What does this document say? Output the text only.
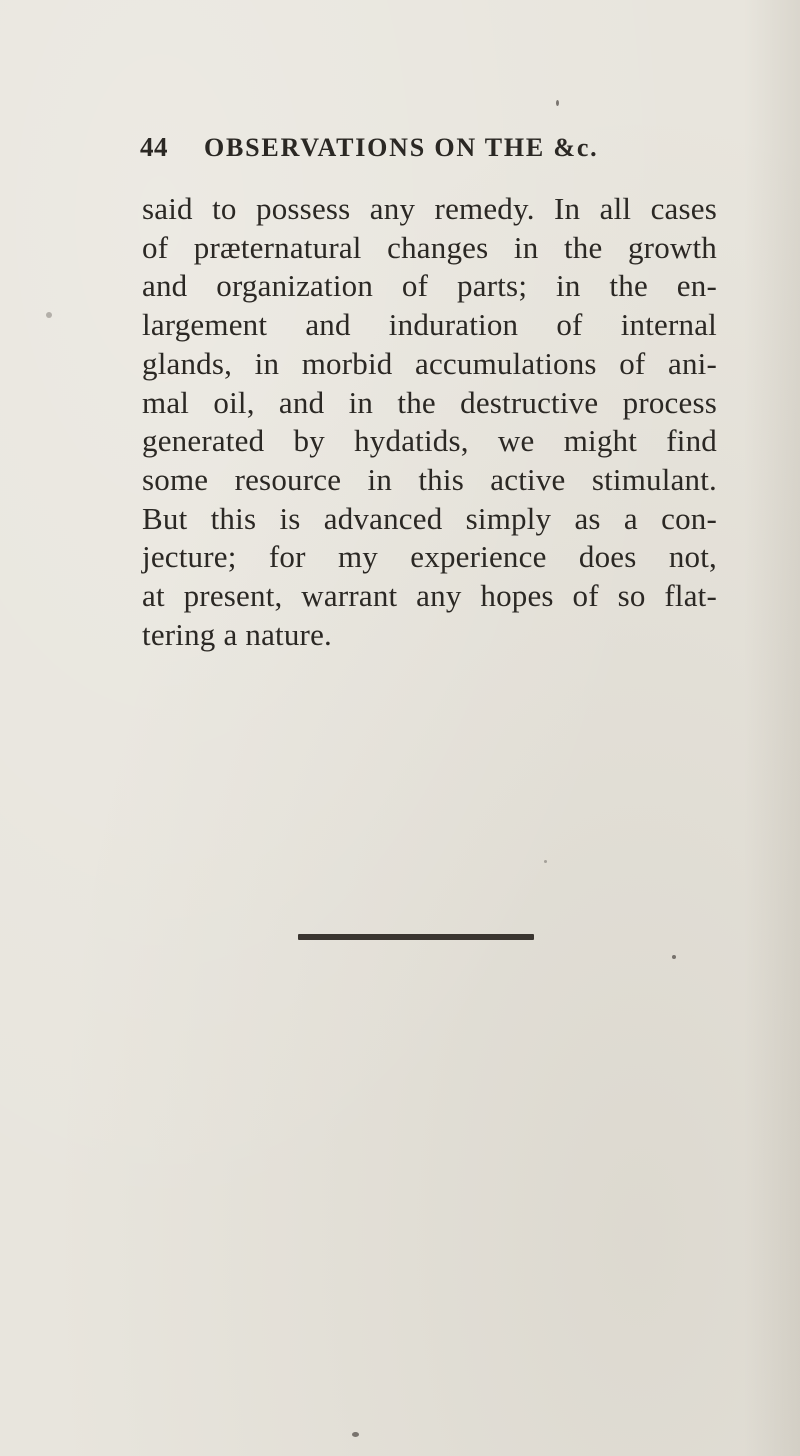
44 OBSERVATIONS ON THE &c.

said to possess any remedy. In all cases
of præternatural changes in the growth
and organization of parts; in the en-
largement and induration of internal
glands, in morbid accumulations of ani-
mal oil, and in the destructive process
generated by hydatids, we might find
some resource in this active stimulant.
But this is advanced simply as a con-
jecture; for my experience does not,
at present, warrant any hopes of so flat-
tering a nature.
